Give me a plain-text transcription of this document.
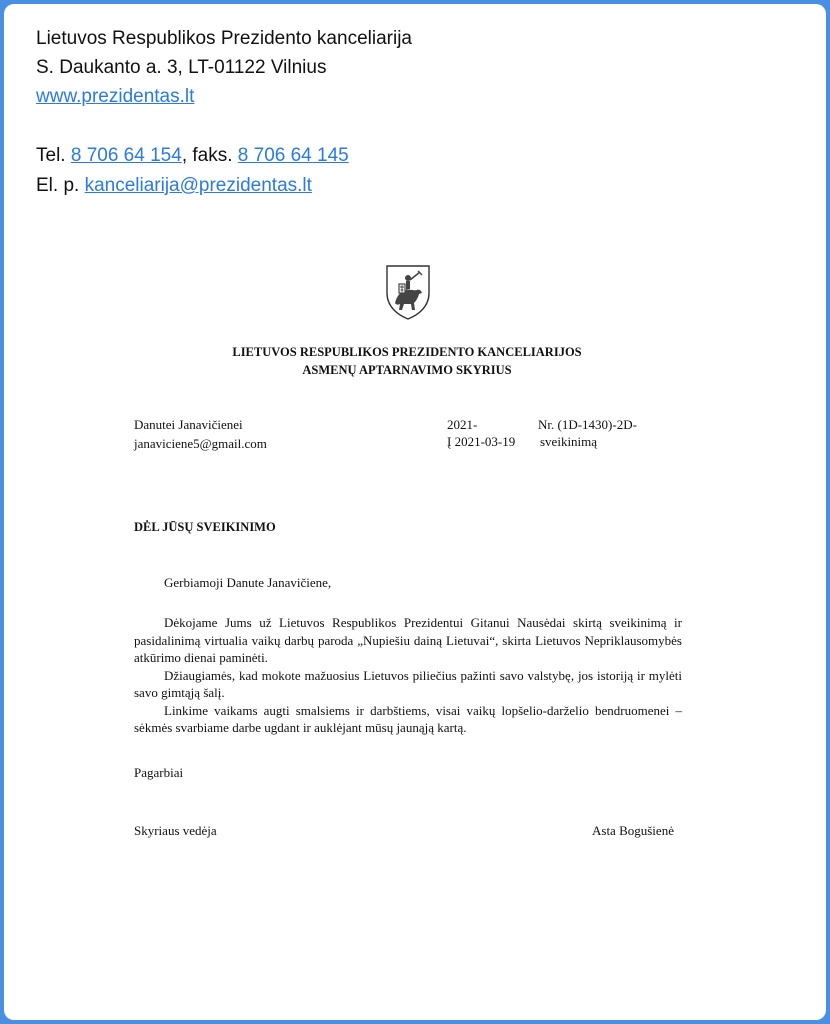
Lietuvos Respublikos Prezidento kanceliarija
S. Daukanto a. 3, LT-01122 Vilnius
www.prezidentas.lt
Tel. 8 706 64 154, faks. 8 706 64 145
El. p. kanceliarija@prezidentas.lt
LIETUVOS RESPUBLIKOS PREZIDENTO KANCELIARIJOS
ASMENŲ APTARNAVIMO SKYRIUS
Danutei Janavičienei
janaviciene5@gmail.com
2021-
Į 2021-03-19
Nr. (1D-1430)-2D-
sveikinimą
DĖL JŪSŲ SVEIKINIMO
Gerbiamoji Danute Janavičiene,

Dėkojame Jums už Lietuvos Respublikos Prezidentui Gitanui Nausėdai skirtą sveikinimą ir pasidalinimą virtualia vaikų darbų paroda „Nupiešiu dainą Lietuvai“, skirta Lietuvos Nepriklausomybės atkūrimo dienai paminėti.

Džiaugiamės, kad mokote mažuosius Lietuvos piliečius pažinti savo valstybę, jos istoriją ir mylėti savo gimtąją šalį.

Linkime vaikams augti smalsiems ir darbštiems, visai vaikų lopšelio-darželio bendruomenei – sėkmės svarbiame darbe ugdant ir auklėjant mūsų jaunąją kartą.

Pagarbiai
Skyriaus vedėja	Asta Bogušienė
